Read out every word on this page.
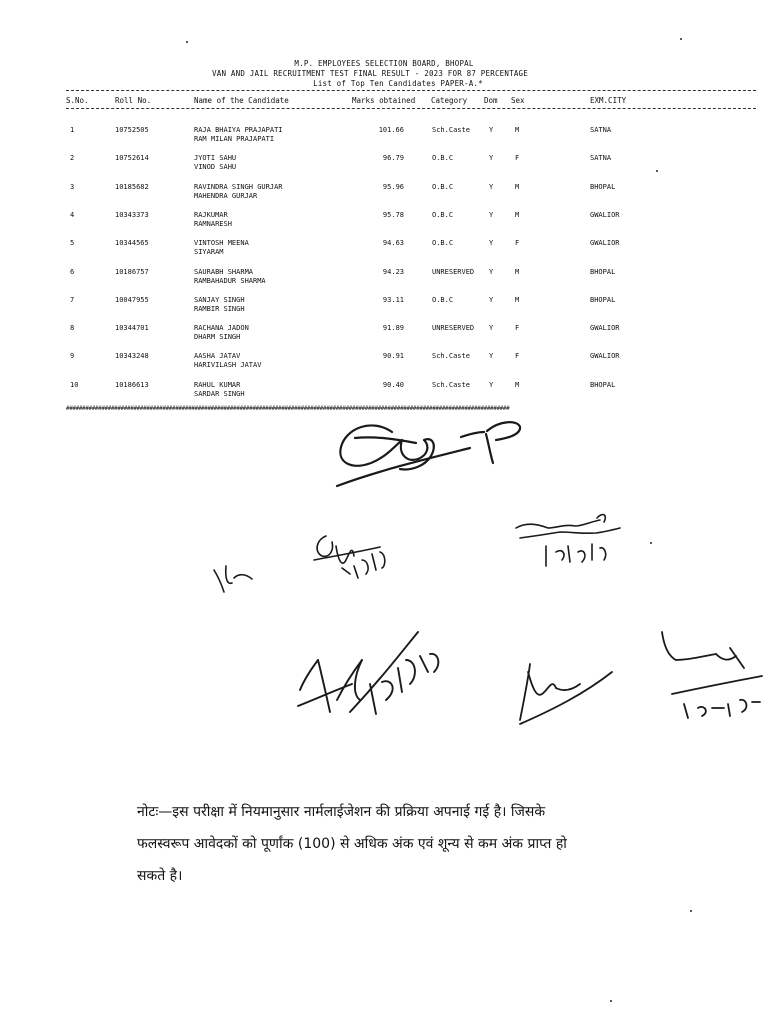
M.P. EMPLOYEES SELECTION BOARD, BHOPAL
VAN AND JAIL RECRUITMENT TEST FINAL RESULT - 2023 FOR 87 PERCENTAGE
List of Top Ten Candidates PAPER-A.*
S.No.	Roll No.	Name of the Candidate	Marks obtained Category Dom Sex	EXM.CITY
1	10752505	RAJA BHAIYA PRAJAPATI	101.66	Sch.Caste	Y	M	SATNA
RAM MILAN PRAJAPATI
2	10752614	JYOTI SAHU	96.79	O.B.C	Y	F	SATNA
VINOD SAHU
3	10185682	RAVINDRA SINGH GURJAR	95.96	O.B.C	Y	M	BHOPAL
MAHENDRA GURJAR
4	10343373	RAJKUMAR	95.78	O.B.C	Y	M	GWALIOR
RAMNARESH
5	10344565	VINTOSH MEENA	94.63	O.B.C	Y	F	GWALIOR
SIYARAM
6	10186757	SAURABH SHARMA	94.23	UNRESERVED Y	M	BHOPAL
RAMBAHADUR SHARMA
7	10047955	SANJAY SINGH	93.11	O.B.C	Y	M	BHOPAL
RAMBIR SINGH
8	10344701	RACHANA JADON	91.89	UNRESERVED Y	F	GWALIOR
DHARM SINGH
9	10343248	AASHA JATAV	90.91	Sch.Caste	Y	F	GWALIOR
HARIVILASH JATAV
10	10186613	RAHUL KUMAR	90.40	Sch.Caste	Y	M	BHOPAL
SARDAR SINGH
##########################################################################################################################################
नोटः—इस परीक्षा में नियमानुसार नार्मलाईजेशन की प्रक्रिया अपनाई गई है। जिसके
फलस्वरूप आवेदकों को पूर्णांक (100) से अधिक अंक एवं शून्य से कम अंक प्राप्त हो
सकते है।
